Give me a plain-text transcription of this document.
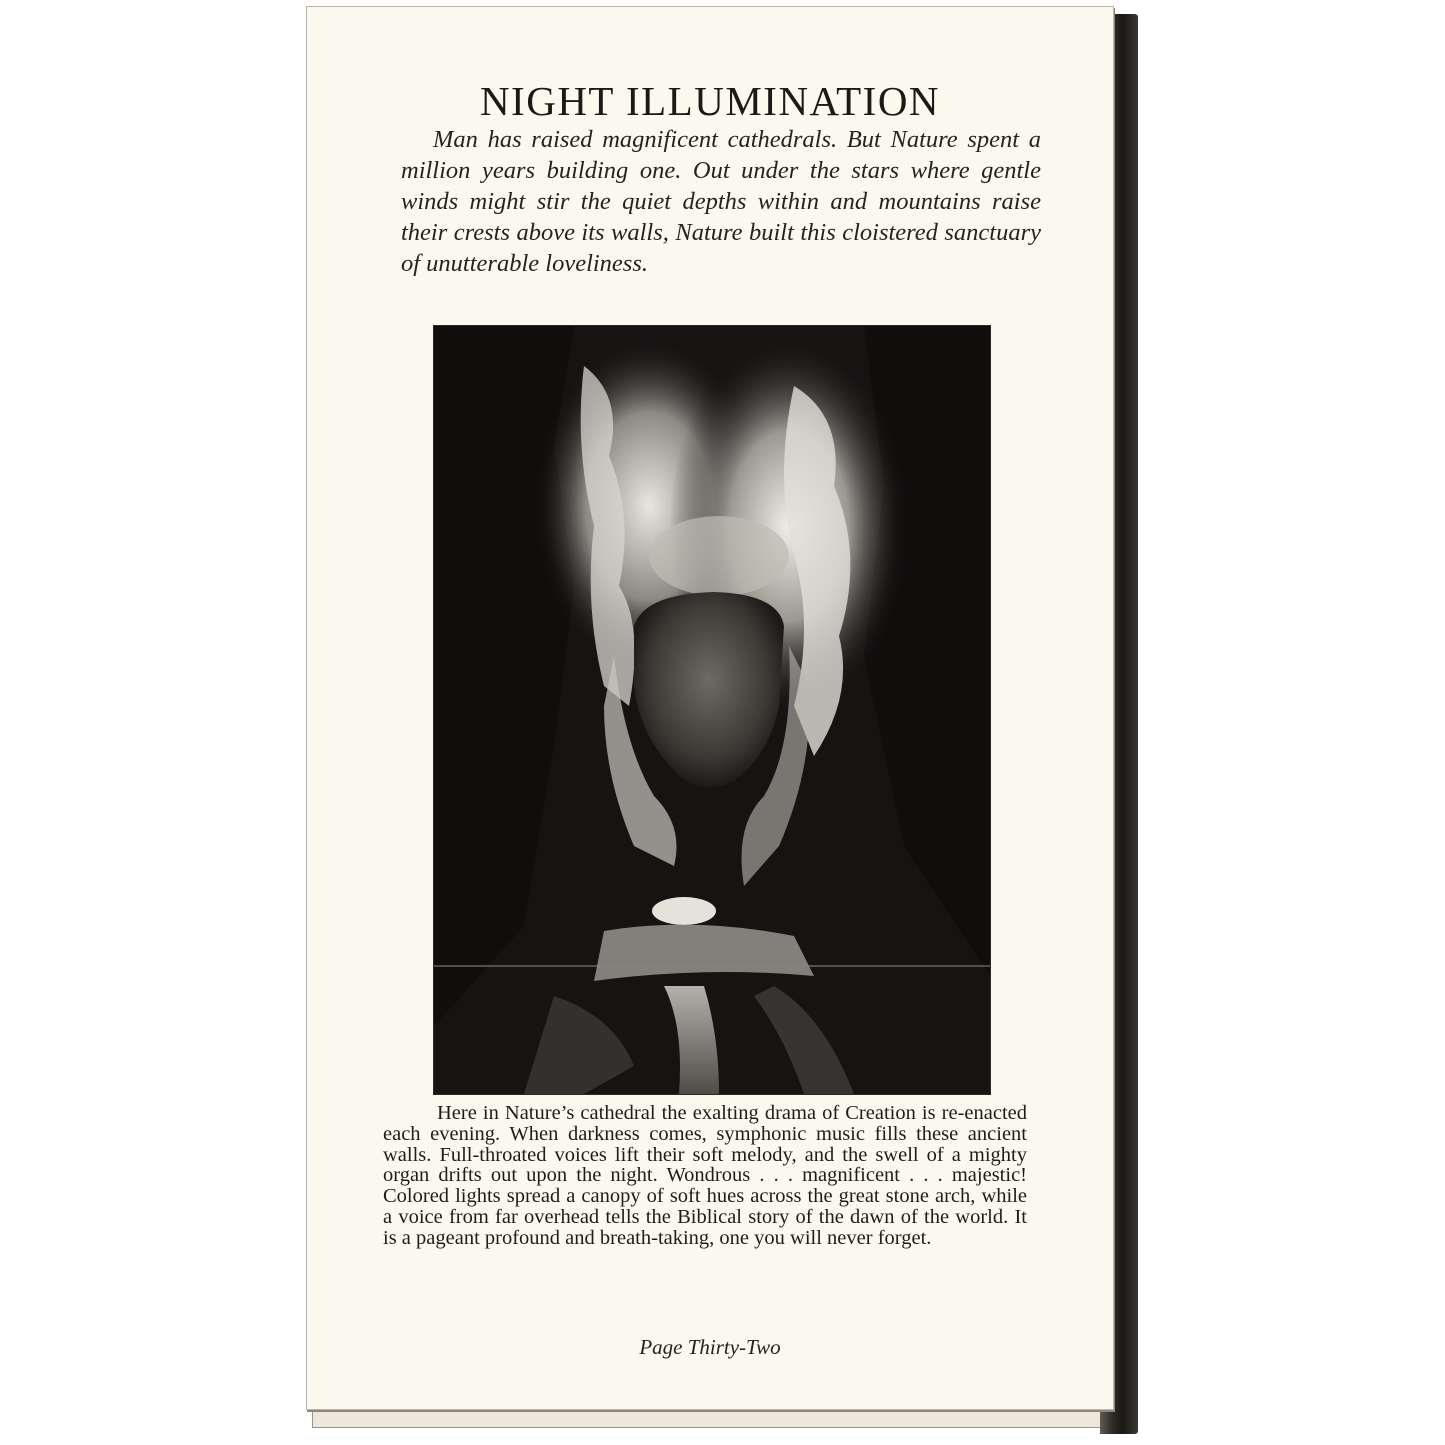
NIGHT ILLUMINATION

Man has raised magnificent cathedrals. But Nature spent a million years building one. Out under the stars where gentle winds might stir the quiet depths within and mountains raise their crests above its walls, Nature built this cloistered sanctuary of unutterable loveliness.

Here in Nature’s cathedral the exalting drama of Creation is re-enacted each evening. When darkness comes, symphonic music fills these ancient walls. Full-throated voices lift their soft melody, and the swell of a mighty organ drifts out upon the night. Wondrous . . . magnificent . . . majestic! Colored lights spread a canopy of soft hues across the great stone arch, while a voice from far overhead tells the Biblical story of the dawn of the world. It is a pageant profound and breath-taking, one you will never forget.

Page Thirty-Two
